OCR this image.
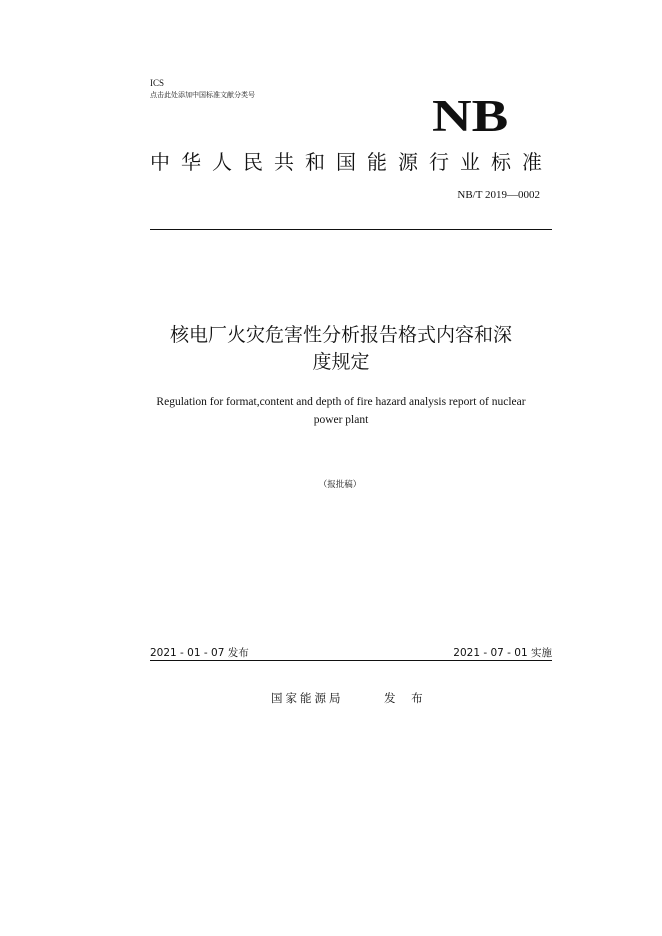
ICS
点击此处添加中国标准文献分类号	NB
中华人民共和国能源行业标准
NB/T 2019—0002
核电厂火灾危害性分析报告格式内容和深
度规定
Regulation for format,content and depth of fire hazard analysis report of nuclear
power plant
（报批稿）
2021 - 01 - 07 发布	2021 - 07 - 01 实施
国家能源局	发 布
